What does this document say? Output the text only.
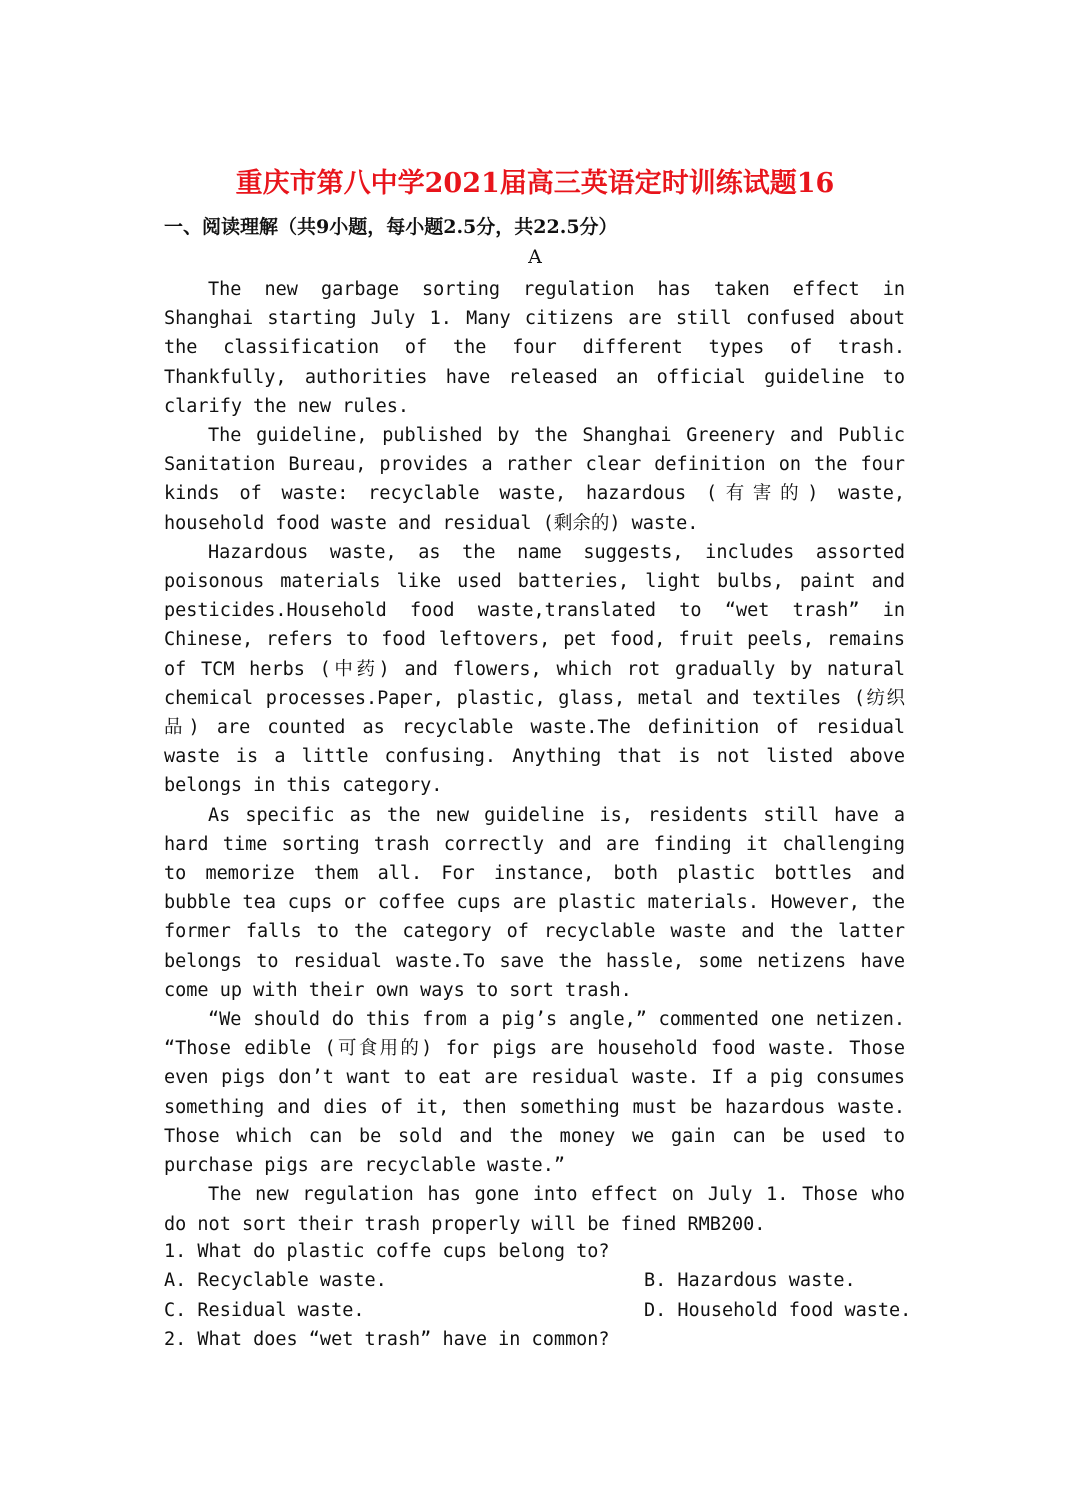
重庆市第八中学2021届高三英语定时训练试题16
一、阅读理解（共9小题，每小题2.5分，共22.5分）
A

The new garbage sorting regulation has taken effect in Shanghai starting July 1. Many citizens are still confused about the classification of the four different types of trash. Thankfully, authorities have released an official guideline to clarify the new rules.

The guideline, published by the Shanghai Greenery and Public Sanitation Bureau, provides a rather clear definition on the four kinds of waste: recyclable waste, hazardous (有害的) waste, household food waste and residual (剩余的) waste.

Hazardous waste, as the name suggests, includes assorted poisonous materials like used batteries, light bulbs, paint and pesticides.Household food waste,translated to “wet trash” in Chinese, refers to food leftovers, pet food, fruit peels, remains of TCM herbs (中药) and flowers, which rot gradually by natural chemical processes.Paper, plastic, glass, metal and textiles (纺织品) are counted as recyclable waste.The definition of residual waste is a little confusing. Anything that is not listed above belongs in this category.

As specific as the new guideline is, residents still have a hard time sorting trash correctly and are finding it challenging to memorize them all. For instance, both plastic bottles and bubble tea cups or coffee cups are plastic materials. However, the former falls to the category of recyclable waste and the latter belongs to residual waste.To save the hassle, some netizens have come up with their own ways to sort trash.

“We should do this from a pig’s angle,” commented one netizen. “Those edible (可食用的) for pigs are household food waste. Those even pigs don’t want to eat are residual waste. If a pig consumes something and dies of it, then something must be hazardous waste. Those which can be sold and the money we gain can be used to purchase pigs are recyclable waste.”

The new regulation has gone into effect on July 1. Those who do not sort their trash properly will be fined RMB200.

1. What do plastic coffe cups belong to?

A. Recyclable waste.	B. Hazardous waste.

C. Residual waste.	D. Household food waste.

2. What does “wet trash” have in common?
